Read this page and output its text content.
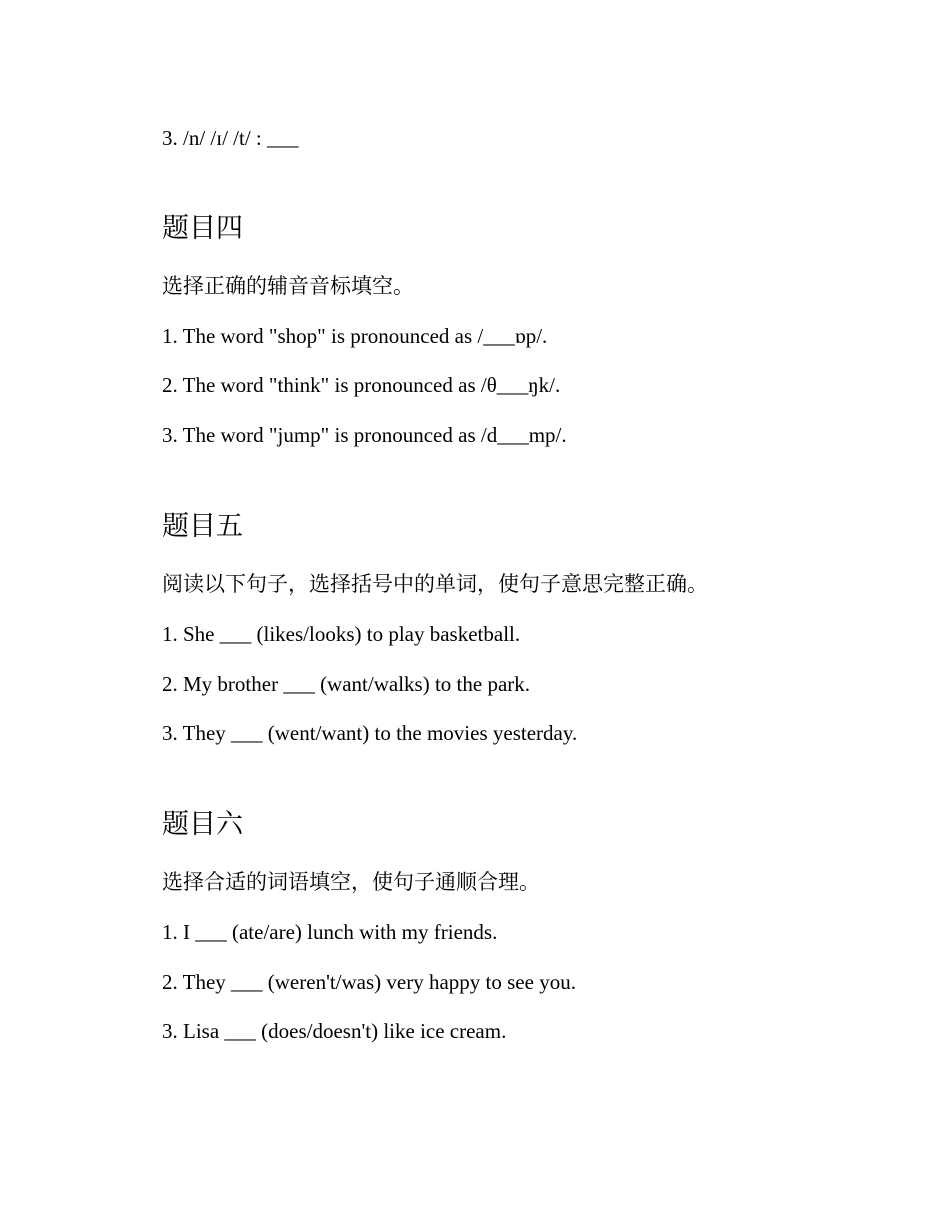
3. /n/ /ɪ/ /t/ : ___
题目四
选择正确的辅音音标填空。
1. The word "shop" is pronounced as /___ɒp/.
2. The word "think" is pronounced as /θ___ŋk/.
3. The word "jump" is pronounced as /d___mp/.
题目五
阅读以下句子，选择括号中的单词，使句子意思完整正确。
1. She ___ (likes/looks) to play basketball.
2. My brother ___ (want/walks) to the park.
3. They ___ (went/want) to the movies yesterday.
题目六
选择合适的词语填空，使句子通顺合理。
1. I ___ (ate/are) lunch with my friends.
2. They ___ (weren't/was) very happy to see you.
3. Lisa ___ (does/doesn't) like ice cream.
